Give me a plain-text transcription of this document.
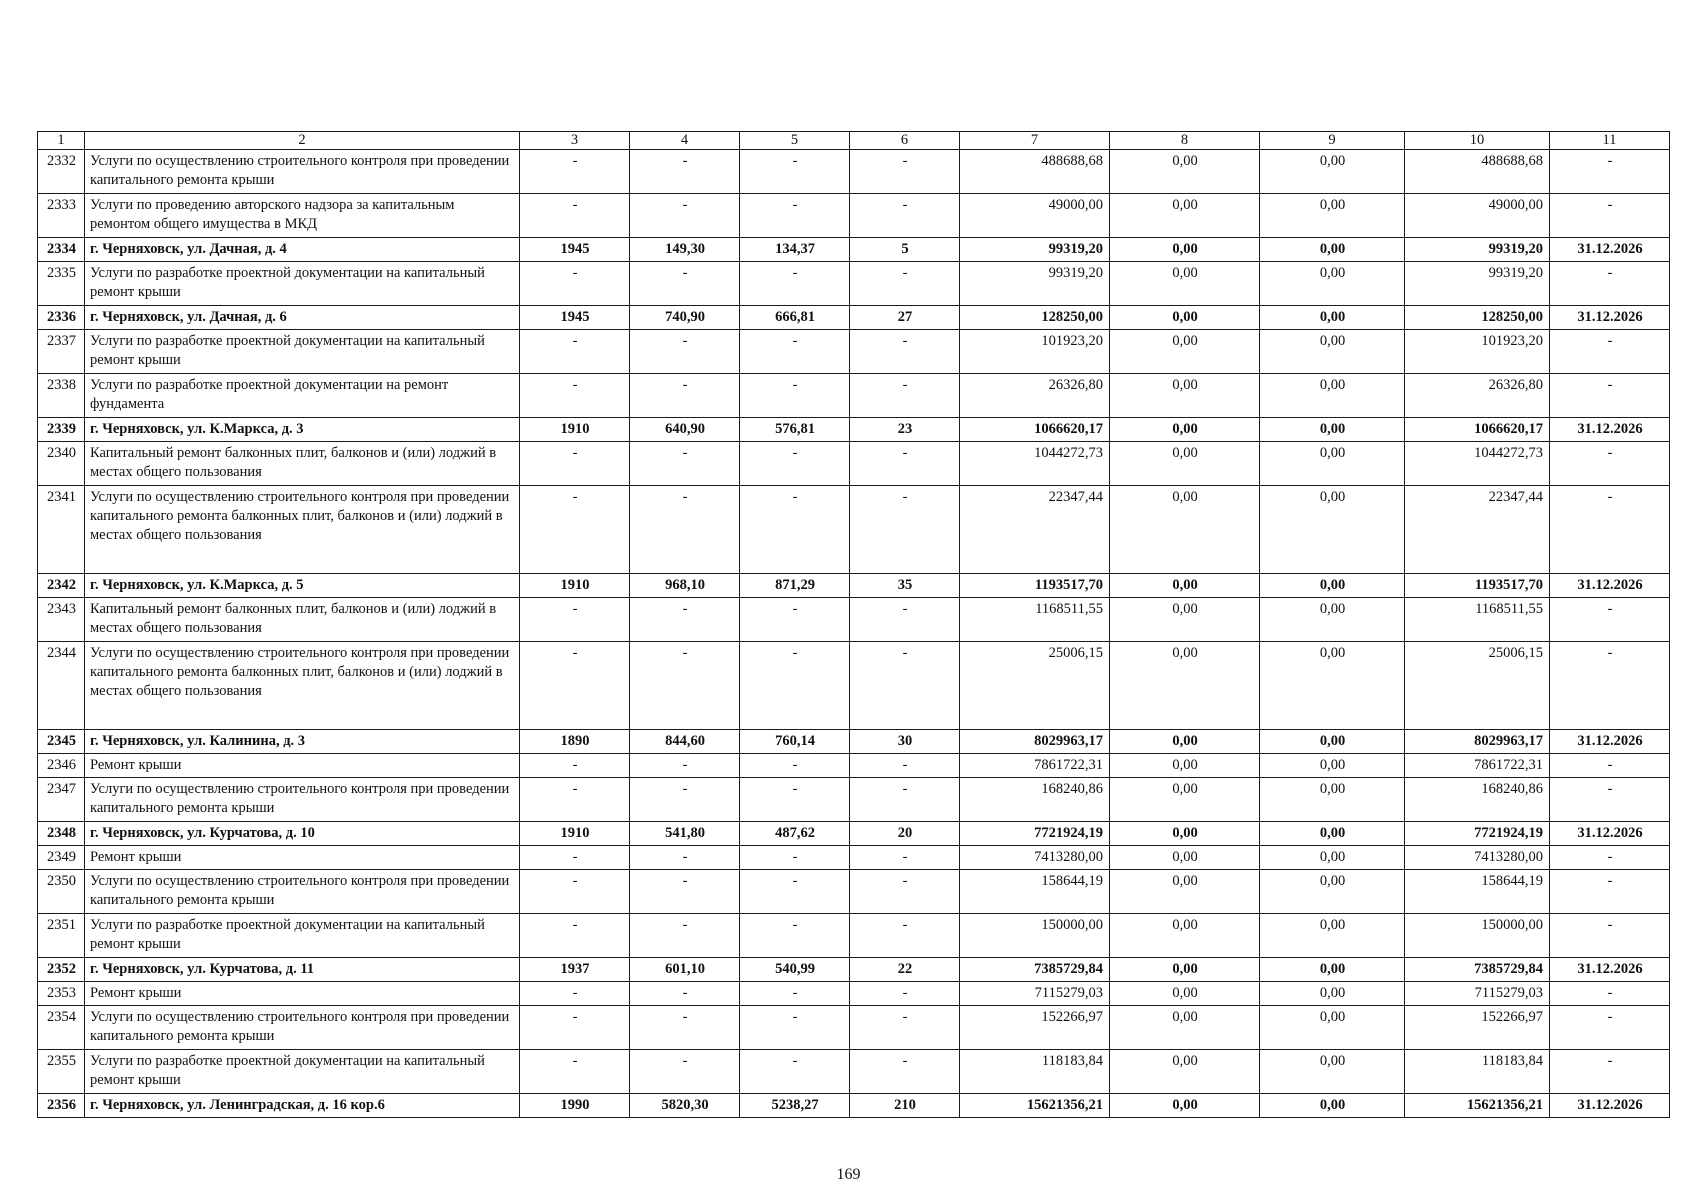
1	2	3	4	5	6	7	8	9	10	11
2332	Услуги по осуществлению строительного контроля при проведении капитального ремонта крыши	-	-	-	-	488688,68	0,00	0,00	488688,68	-
2333	Услуги по проведению авторского надзора за капитальным ремонтом общего имущества в МКД	-	-	-	-	49000,00	0,00	0,00	49000,00	-
2334	г. Черняховск, ул. Дачная, д. 4	1945	149,30	134,37	5	99319,20	0,00	0,00	99319,20	31.12.2026
2335	Услуги по разработке проектной документации на капитальный ремонт крыши	-	-	-	-	99319,20	0,00	0,00	99319,20	-
2336	г. Черняховск, ул. Дачная, д. 6	1945	740,90	666,81	27	128250,00	0,00	0,00	128250,00	31.12.2026
2337	Услуги по разработке проектной документации на капитальный ремонт крыши	-	-	-	-	101923,20	0,00	0,00	101923,20	-
2338	Услуги по разработке проектной документации на ремонт фундамента	-	-	-	-	26326,80	0,00	0,00	26326,80	-
2339	г. Черняховск, ул. К.Маркса, д. 3	1910	640,90	576,81	23	1066620,17	0,00	0,00	1066620,17	31.12.2026
2340	Капитальный ремонт балконных плит, балконов и (или) лоджий в местах общего пользования	-	-	-	-	1044272,73	0,00	0,00	1044272,73	-
2341	Услуги по осуществлению строительного контроля при проведении капитального ремонта балконных плит, балконов и (или) лоджий в местах общего пользования	-	-	-	-	22347,44	0,00	0,00	22347,44	-
2342	г. Черняховск, ул. К.Маркса, д. 5	1910	968,10	871,29	35	1193517,70	0,00	0,00	1193517,70	31.12.2026
2343	Капитальный ремонт балконных плит, балконов и (или) лоджий в местах общего пользования	-	-	-	-	1168511,55	0,00	0,00	1168511,55	-
2344	Услуги по осуществлению строительного контроля при проведении капитального ремонта балконных плит, балконов и (или) лоджий в местах общего пользования	-	-	-	-	25006,15	0,00	0,00	25006,15	-
2345	г. Черняховск, ул. Калинина, д. 3	1890	844,60	760,14	30	8029963,17	0,00	0,00	8029963,17	31.12.2026
2346	Ремонт крыши	-	-	-	-	7861722,31	0,00	0,00	7861722,31	-
2347	Услуги по осуществлению строительного контроля при проведении капитального ремонта крыши	-	-	-	-	168240,86	0,00	0,00	168240,86	-
2348	г. Черняховск, ул. Курчатова, д. 10	1910	541,80	487,62	20	7721924,19	0,00	0,00	7721924,19	31.12.2026
2349	Ремонт крыши	-	-	-	-	7413280,00	0,00	0,00	7413280,00	-
2350	Услуги по осуществлению строительного контроля при проведении капитального ремонта крыши	-	-	-	-	158644,19	0,00	0,00	158644,19	-
2351	Услуги по разработке проектной документации на капитальный ремонт крыши	-	-	-	-	150000,00	0,00	0,00	150000,00	-
2352	г. Черняховск, ул. Курчатова, д. 11	1937	601,10	540,99	22	7385729,84	0,00	0,00	7385729,84	31.12.2026
2353	Ремонт крыши	-	-	-	-	7115279,03	0,00	0,00	7115279,03	-
2354	Услуги по осуществлению строительного контроля при проведении капитального ремонта крыши	-	-	-	-	152266,97	0,00	0,00	152266,97	-
2355	Услуги по разработке проектной документации на капитальный ремонт крыши	-	-	-	-	118183,84	0,00	0,00	118183,84	-
2356	г. Черняховск, ул. Ленинградская, д. 16 кор.6	1990	5820,30	5238,27	210	15621356,21	0,00	0,00	15621356,21	31.12.2026
169
